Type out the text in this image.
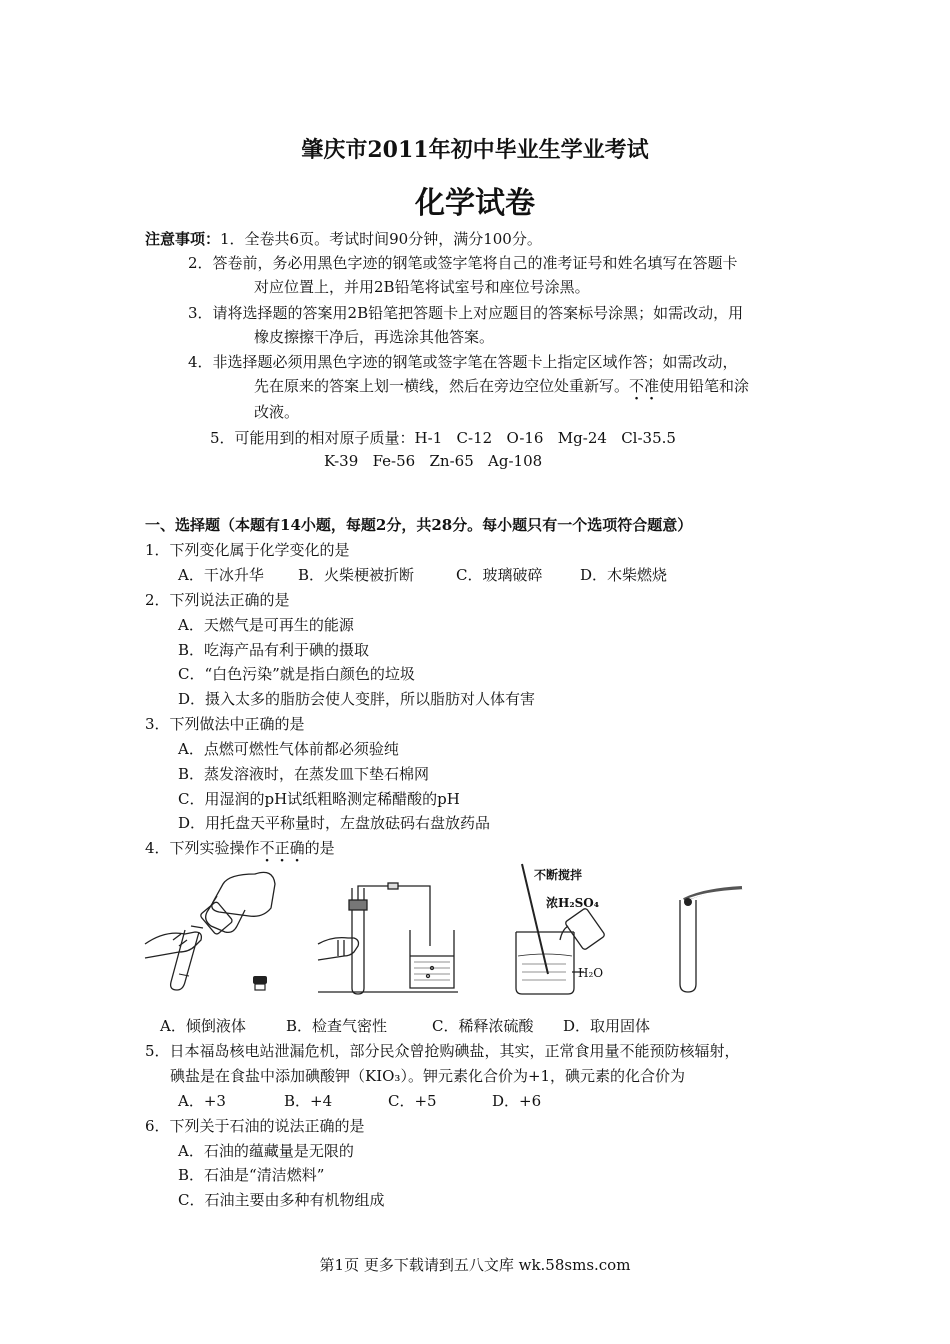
肇庆市2011年初中毕业生学业考试
化学试卷
注意事项：1．全卷共6页。考试时间90分钟，满分100分。
2．答卷前，务必用黑色字迹的钢笔或签字笔将自己的准考证号和姓名填写在答题卡
对应位置上，并用2B铅笔将试室号和座位号涂黑。
3．请将选择题的答案用2B铅笔把答题卡上对应题目的答案标号涂黑；如需改动，用
橡皮擦擦干净后，再选涂其他答案。
4．非选择题必须用黑色字迹的钢笔或签字笔在答题卡上指定区域作答；如需改动，
先在原来的答案上划一横线，然后在旁边空位处重新写。不准使用铅笔和涂
改液。
5．可能用到的相对原子质量：H-1   C-12   O-16   Mg-24   Cl-35.5
K-39   Fe-56   Zn-65   Ag-108
一、选择题（本题有14小题，每题2分，共28分。每小题只有一个选项符合题意）
1．下列变化属于化学变化的是
A．干冰升华 B．火柴梗被折断	C．玻璃破碎	D．木柴燃烧
2．下列说法正确的是
A．天燃气是可再生的能源
B．吃海产品有利于碘的摄取
C．“白色污染”就是指白颜色的垃圾
D．摄入太多的脂肪会使人变胖，所以脂肪对人体有害
3．下列做法中正确的是
A．点燃可燃性气体前都必须验纯
B．蒸发溶液时，在蒸发皿下垫石棉网
C．用湿润的pH试纸粗略测定稀醋酸的pH
D．用托盘天平称量时，左盘放砝码右盘放药品
4．下列实验操作不正确的是
不断搅拌
浓H₂SO₄
H₂O
A．倾倒液体	B．检查气密性	C．稀释浓硫酸 D．取用固体
5．日本福岛核电站泄漏危机，部分民众曾抢购碘盐，其实，正常食用量不能预防核辐射，
碘盐是在食盐中添加碘酸钾（KIO₃）。钾元素化合价为+1，碘元素的化合价为
A．+3	B．+4	C．+5	D．+6
6．下列关于石油的说法正确的是
A．石油的蕴藏量是无限的
B．石油是“清洁燃料”
C．石油主要由多种有机物组成
第1页 更多下载请到五八文库 wk.58sms.com
